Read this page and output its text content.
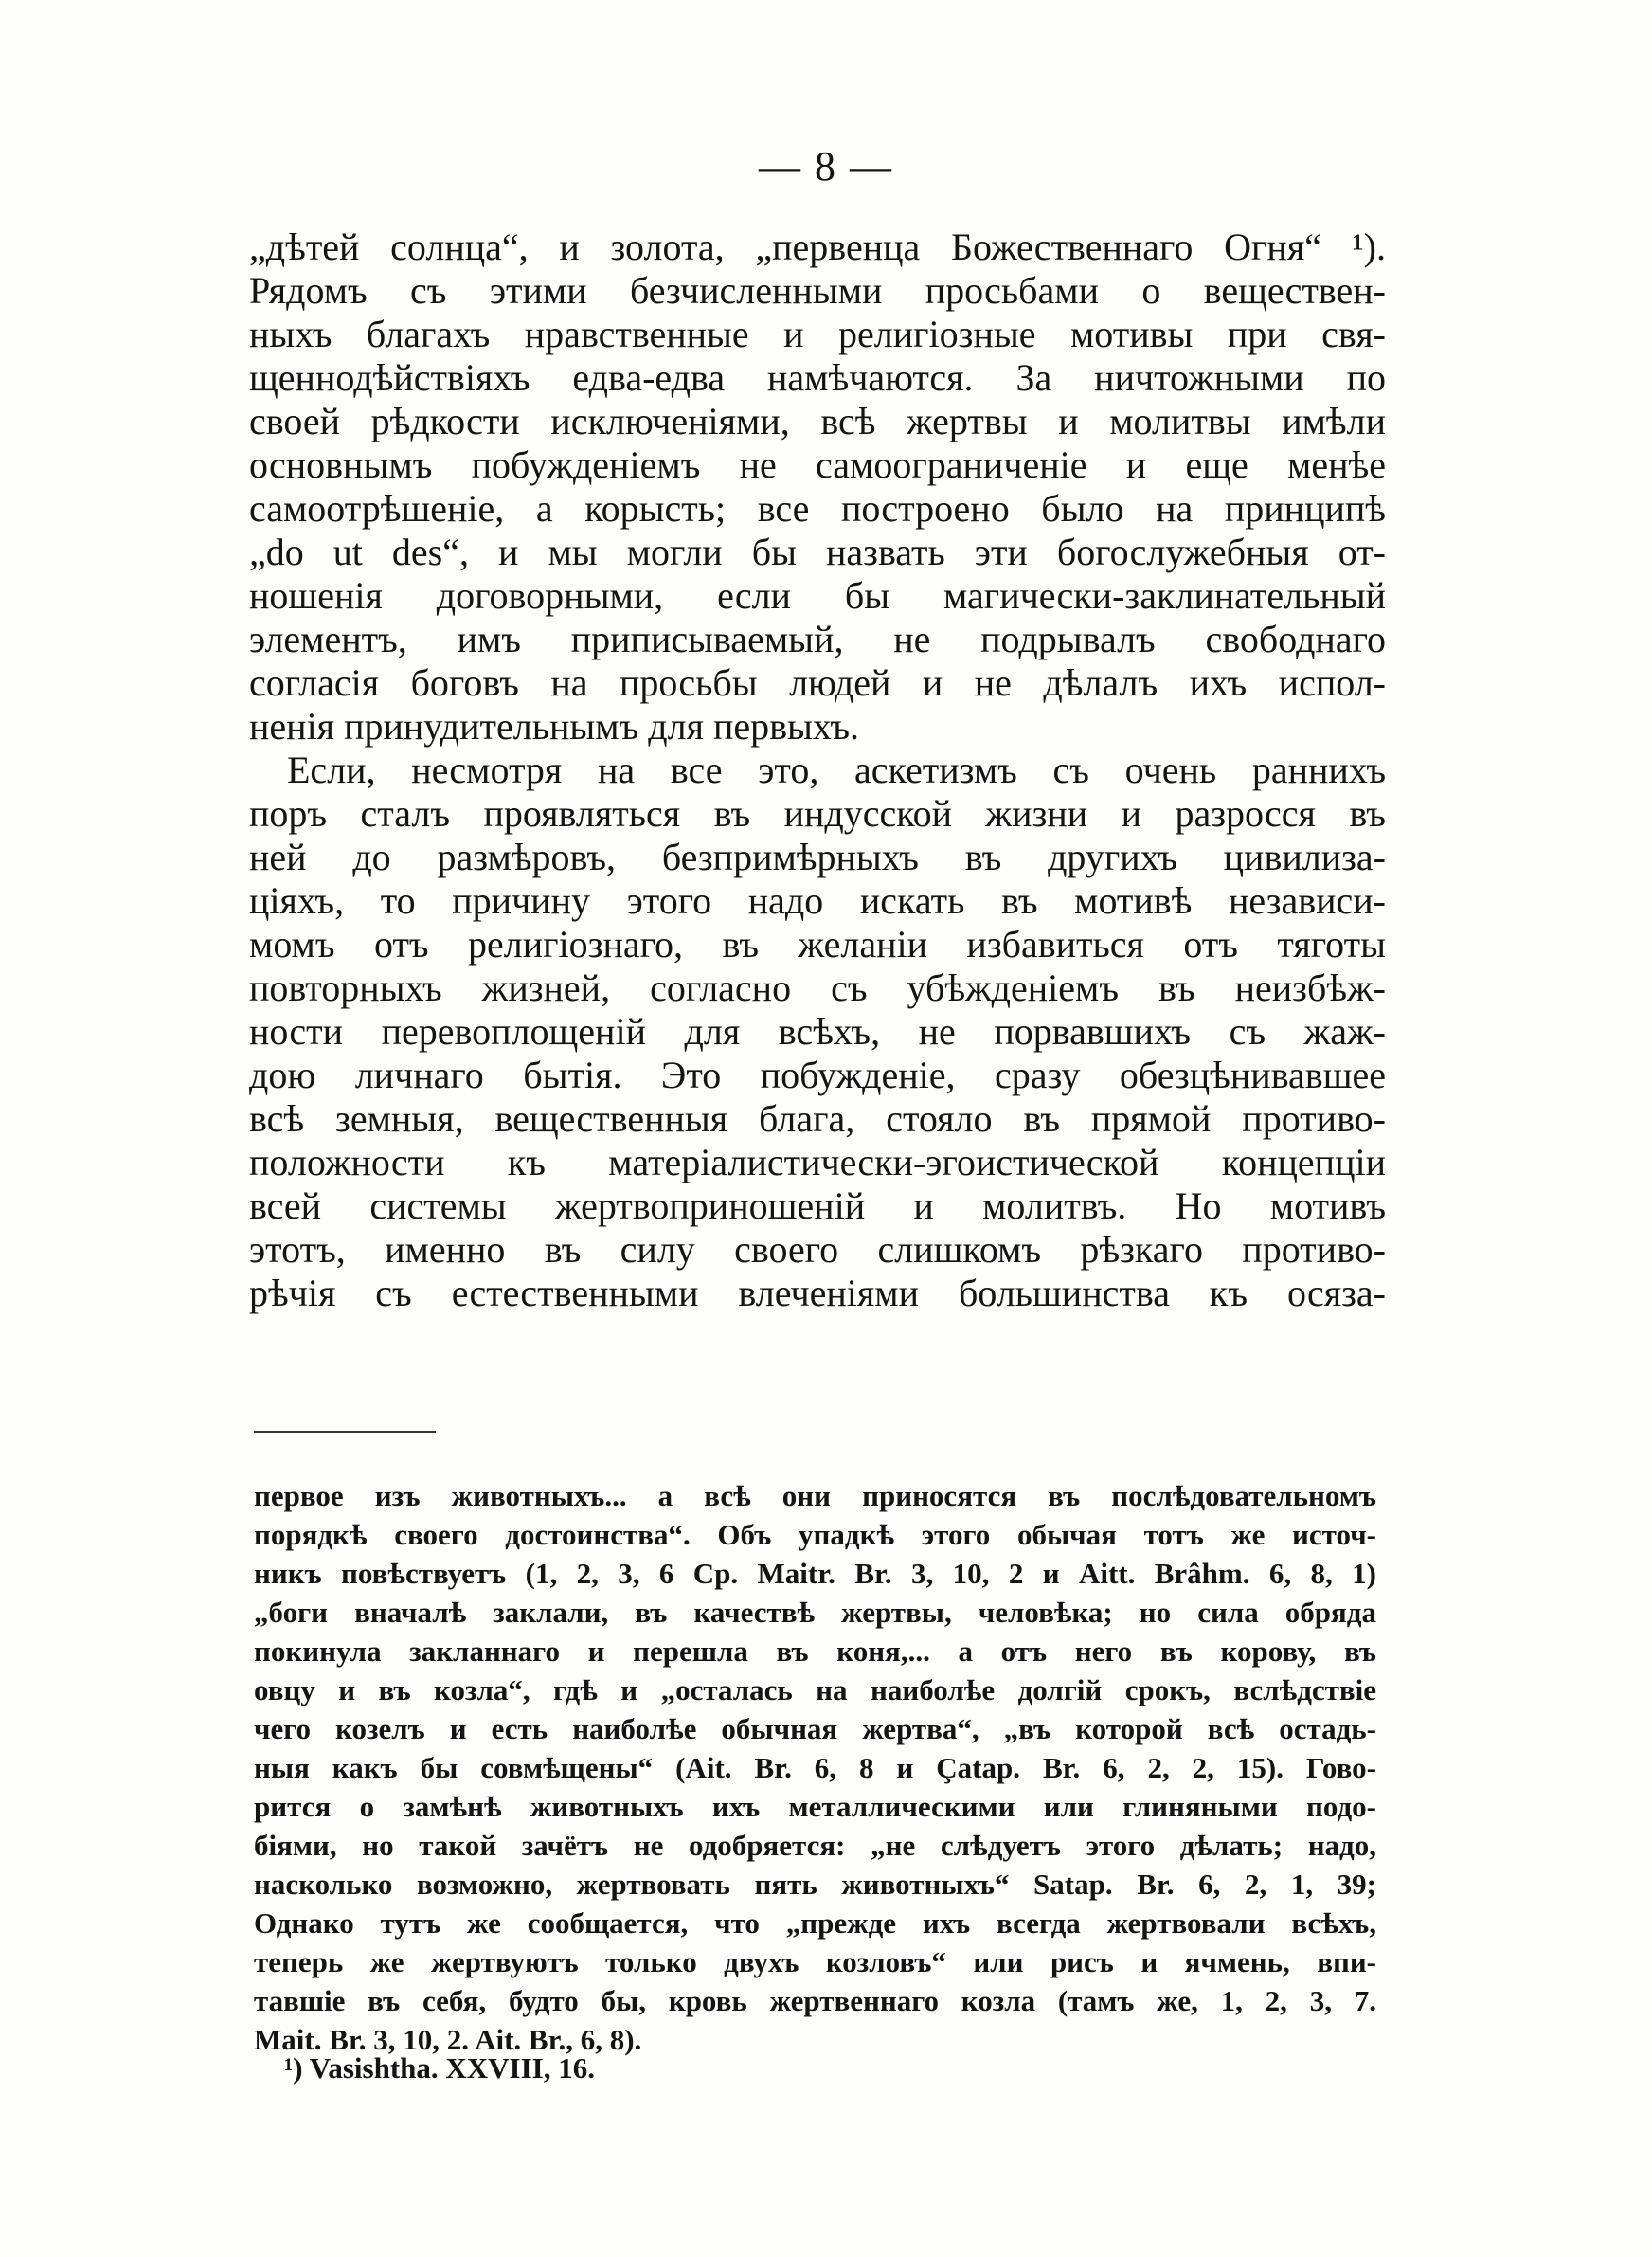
— 8 —
„дѣтей солнца“, и золота, „первенца Божественнаго Огня“ ¹).
Рядомъ съ этими безчисленными просьбами о веществен-
ныхъ благахъ нравственные и религіозные мотивы при свя-
щеннодѣйствіяхъ едва-едва намѣчаются. За ничтожными по
своей рѣдкости исключеніями, всѣ жертвы и молитвы имѣли
основнымъ побужденіемъ не самоограниченіе и еще менѣе
самоотрѣшеніе, а корысть; все построено было на принципѣ
„do ut des“, и мы могли бы назвать эти богослужебныя от-
ношенія договорными, если бы магически-заклинательный
элементъ, имъ приписываемый, не подрывалъ свободнаго
согласія боговъ на просьбы людей и не дѣлалъ ихъ испол-
ненія принудительнымъ для первыхъ.
Если, несмотря на все это, аскетизмъ съ очень раннихъ
поръ сталъ проявляться въ индусской жизни и разросся въ
ней до размѣровъ, безпримѣрныхъ въ другихъ цивилиза-
ціяхъ, то причину этого надо искать въ мотивѣ независи-
момъ отъ религіознаго, въ желаніи избавиться отъ тяготы
повторныхъ жизней, согласно съ убѣжденіемъ въ неизбѣж-
ности перевоплощеній для всѣхъ, не порвавшихъ съ жаж-
дою личнаго бытія. Это побужденіе, сразу обезцѣнивавшее
всѣ земныя, вещественныя блага, стояло въ прямой противо-
положности къ матеріалистически-эгоистической концепціи
всей системы жертвоприношеній и молитвъ. Но мотивъ
этотъ, именно въ силу своего слишкомъ рѣзкаго противо-
рѣчія съ естественными влеченіями большинства къ осяза-
первое изъ животныхъ... а всѣ они приносятся въ послѣдовательномъ
порядкѣ своего достоинства“. Объ упадкѣ этого обычая тотъ же источ-
никъ повѣствуетъ (1, 2, 3, 6 Cp. Maitr. Br. 3, 10, 2 и Aitt. Brâhm. 6, 8, 1)
„боги вначалѣ заклали, въ качествѣ жертвы, человѣка; но сила обряда
покинула закланнаго и перешла въ коня,... а отъ него въ корову, въ
овцу и въ козла“, гдѣ и „осталась на наиболѣе долгій срокъ, вслѣдствіе
чего козелъ и есть наиболѣе обычная жертва“, „въ которой всѣ остадь-
ныя какъ бы совмѣщены“ (Ait. Br. 6, 8 и Çatap. Br. 6, 2, 2, 15). Гово-
рится о замѣнѣ животныхъ ихъ металлическими или глиняными подо-
біями, но такой зачётъ не одобряется: „не слѣдуетъ этого дѣлать; надо,
насколько возможно, жертвовать пять животныхъ“ Satap. Br. 6, 2, 1, 39;
Однако тутъ же сообщается, что „прежде ихъ всегда жертвовали всѣхъ,
теперь же жертвуютъ только двухъ козловъ“ или рисъ и ячмень, впи-
тавшіе въ себя, будто бы, кровь жертвеннаго козла (тамъ же, 1, 2, 3, 7.
Mait. Br. 3, 10, 2. Ait. Br., 6, 8).
¹) Vasishtha. XXVIII, 16.
